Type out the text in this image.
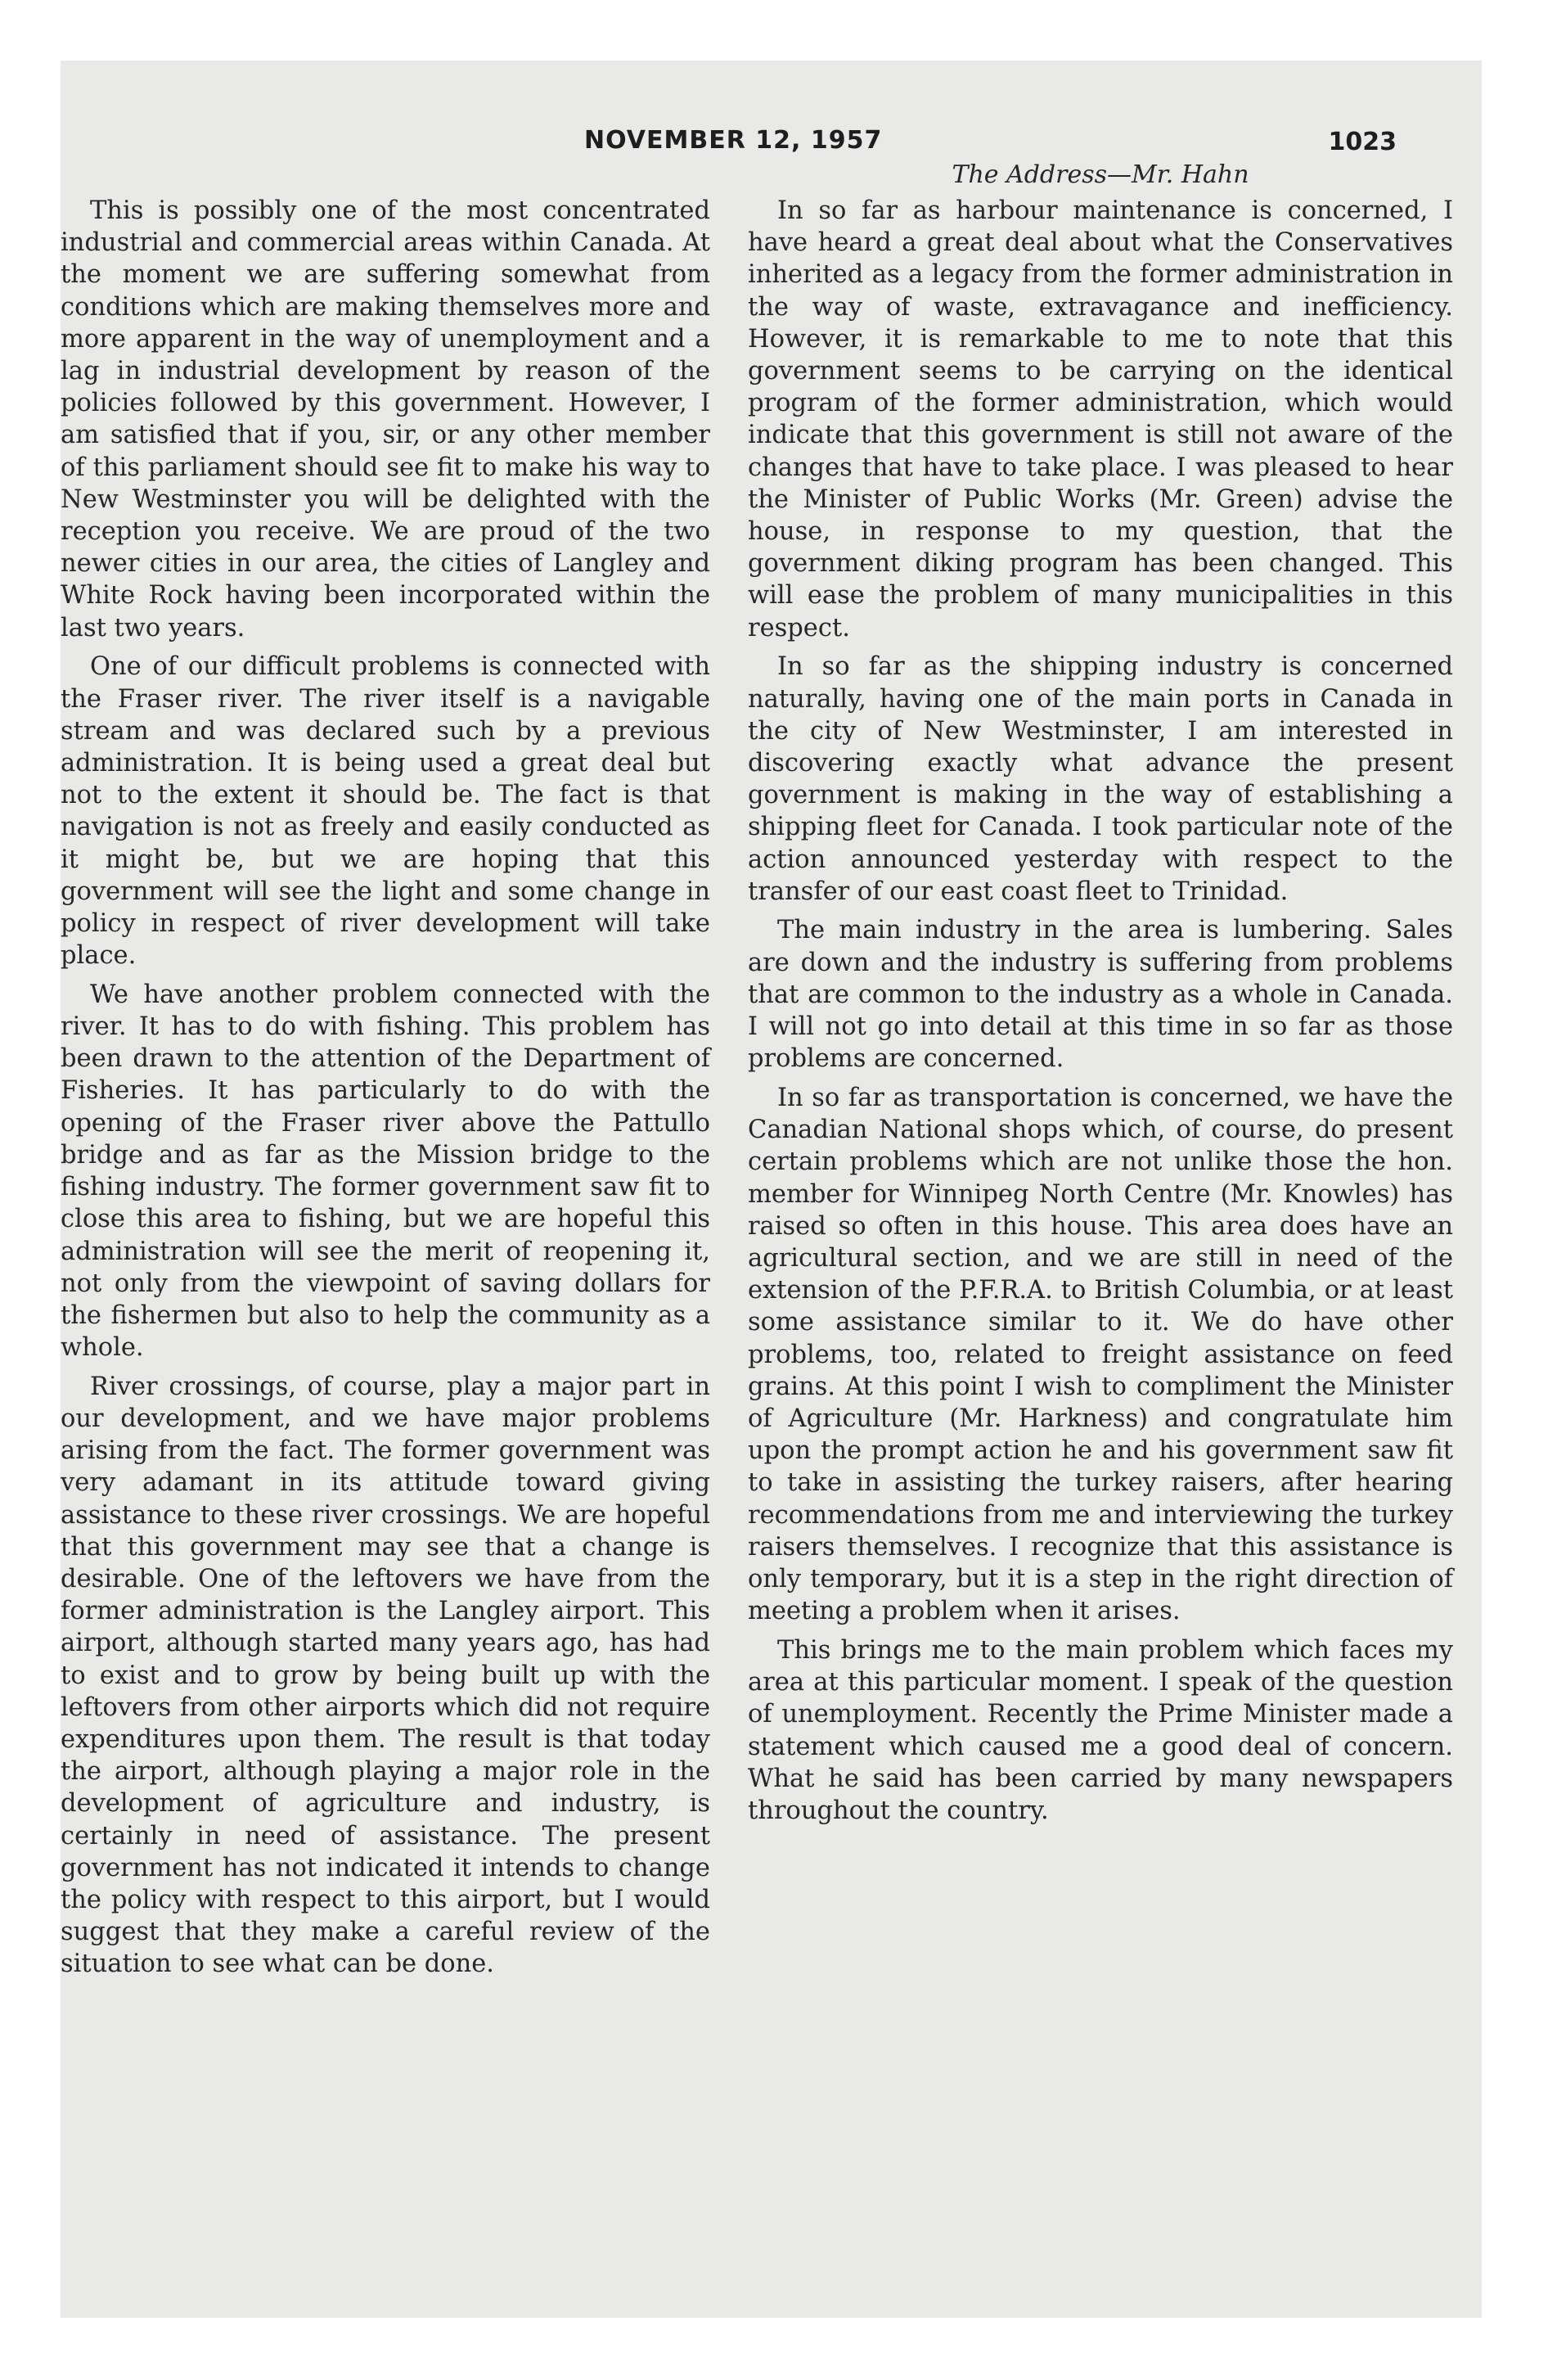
NOVEMBER 12, 1957	1023

This is possibly one of the most concentrated industrial and commercial areas within Canada. At the moment we are suffering somewhat from conditions which are making themselves more and more apparent in the way of unemployment and a lag in industrial development by reason of the policies followed by this government. However, I am satisfied that if you, sir, or any other member of this parliament should see fit to make his way to New Westminster you will be delighted with the reception you receive. We are proud of the two newer cities in our area, the cities of Langley and White Rock having been incorporated within the last two years.

One of our difficult problems is connected with the Fraser river. The river itself is a navigable stream and was declared such by a previous administration. It is being used a great deal but not to the extent it should be. The fact is that navigation is not as freely and easily conducted as it might be, but we are hoping that this government will see the light and some change in policy in respect of river development will take place.

We have another problem connected with the river. It has to do with fishing. This problem has been drawn to the attention of the Department of Fisheries. It has particularly to do with the opening of the Fraser river above the Pattullo bridge and as far as the Mission bridge to the fishing industry. The former government saw fit to close this area to fishing, but we are hopeful this administration will see the merit of reopening it, not only from the viewpoint of saving dollars for the fishermen but also to help the community as a whole.

River crossings, of course, play a major part in our development, and we have major problems arising from the fact. The former government was very adamant in its attitude toward giving assistance to these river crossings. We are hopeful that this government may see that a change is desirable. One of the leftovers we have from the former administration is the Langley airport. This airport, although started many years ago, has had to exist and to grow by being built up with the leftovers from other airports which did not require expenditures upon them. The result is that today the airport, although playing a major role in the development of agriculture and industry, is certainly in need of assistance. The present government has not indicated it intends to change the policy with respect to this airport, but I would suggest that they make a careful review of the situation to see what can be done.

The Address—Mr. Hahn

In so far as harbour maintenance is concerned, I have heard a great deal about what the Conservatives inherited as a legacy from the former administration in the way of waste, extravagance and inefficiency. However, it is remarkable to me to note that this government seems to be carrying on the identical program of the former administration, which would indicate that this government is still not aware of the changes that have to take place. I was pleased to hear the Minister of Public Works (Mr. Green) advise the house, in response to my question, that the government diking program has been changed. This will ease the problem of many municipalities in this respect.

In so far as the shipping industry is concerned naturally, having one of the main ports in Canada in the city of New Westminster, I am interested in discovering exactly what advance the present government is making in the way of establishing a shipping fleet for Canada. I took particular note of the action announced yesterday with respect to the transfer of our east coast fleet to Trinidad.

The main industry in the area is lumbering. Sales are down and the industry is suffering from problems that are common to the industry as a whole in Canada. I will not go into detail at this time in so far as those problems are concerned.

In so far as transportation is concerned, we have the Canadian National shops which, of course, do present certain problems which are not unlike those the hon. member for Winnipeg North Centre (Mr. Knowles) has raised so often in this house. This area does have an agricultural section, and we are still in need of the extension of the P.F.R.A. to British Columbia, or at least some assistance similar to it. We do have other problems, too, related to freight assistance on feed grains. At this point I wish to compliment the Minister of Agriculture (Mr. Harkness) and congratulate him upon the prompt action he and his government saw fit to take in assisting the turkey raisers, after hearing recommendations from me and interviewing the turkey raisers themselves. I recognize that this assistance is only temporary, but it is a step in the right direction of meeting a problem when it arises.

This brings me to the main problem which faces my area at this particular moment. I speak of the question of unemployment. Recently the Prime Minister made a statement which caused me a good deal of concern. What he said has been carried by many newspapers throughout the country.
